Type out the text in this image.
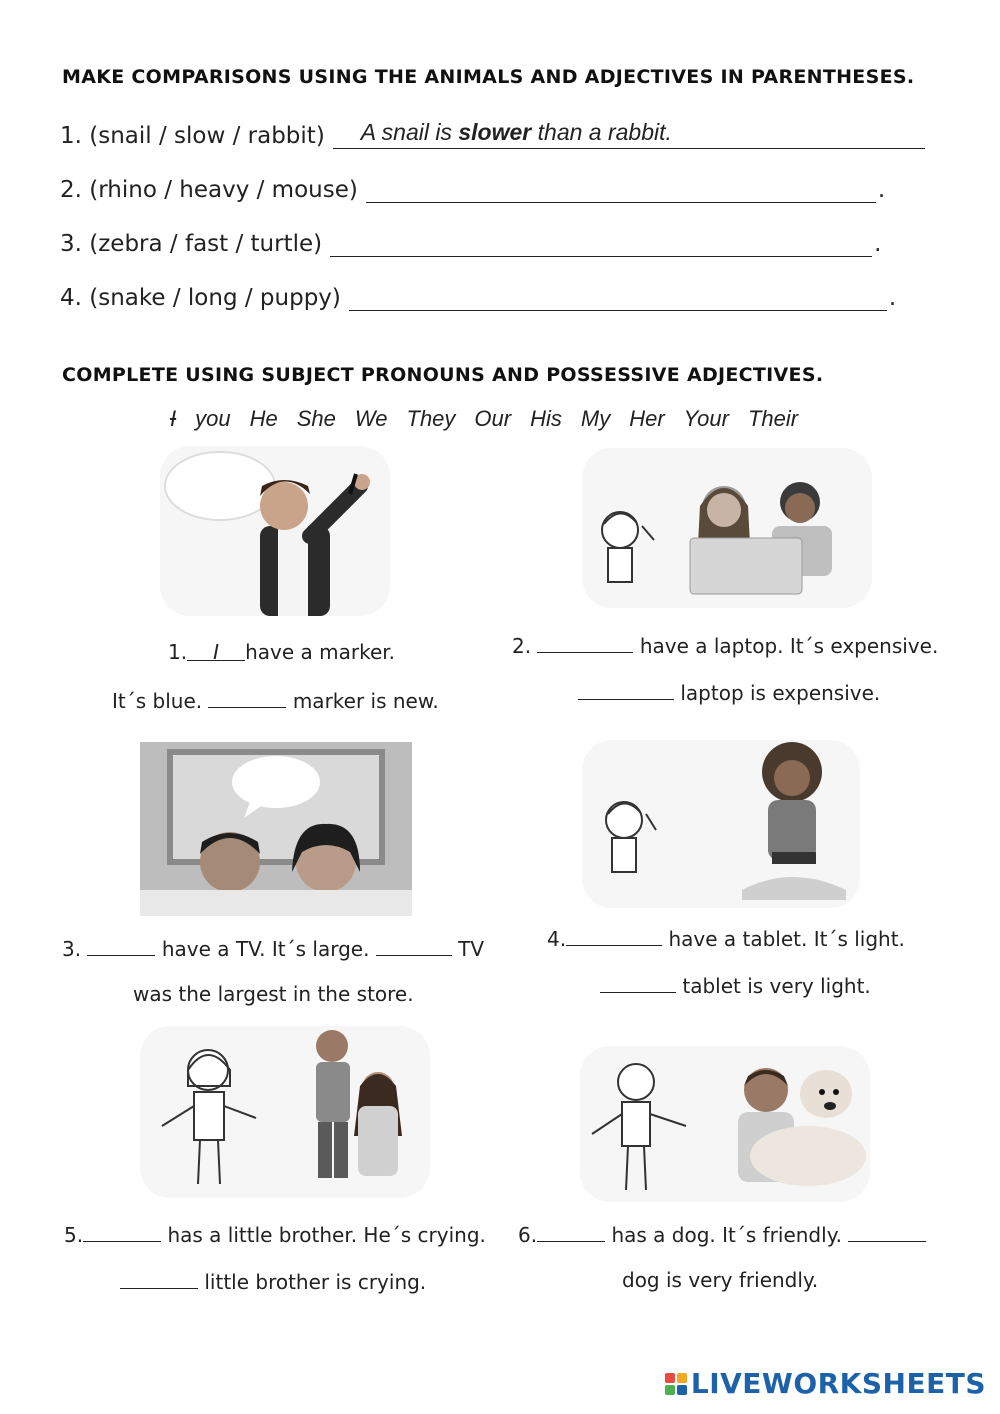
MAKE COMPARISONS USING THE ANIMALS AND ADJECTIVES IN PARENTHESES.
1. (snail / slow / rabbit) A snail is slower than a rabbit.
2. (rhino / heavy / mouse)	.
3. (zebra / fast / turtle)	.
4. (snake / long / puppy)	.
COMPLETE USING SUBJECT PRONOUNS AND POSSESSIVE ADJECTIVES.
I you He She We They Our His My Her Your Their
1. I have a marker.
It´s blue.	marker is new.
2.	have a laptop. It´s expensive.
laptop is expensive.
3.	have a TV. It´s large.	TV
was the largest in the store.
4.	have a tablet. It´s light.
tablet is very light.
5.	has a little brother. He´s crying.
little brother is crying.
6.	has a dog. It´s friendly.
dog is very friendly.
LIVEWORKSHEETS
